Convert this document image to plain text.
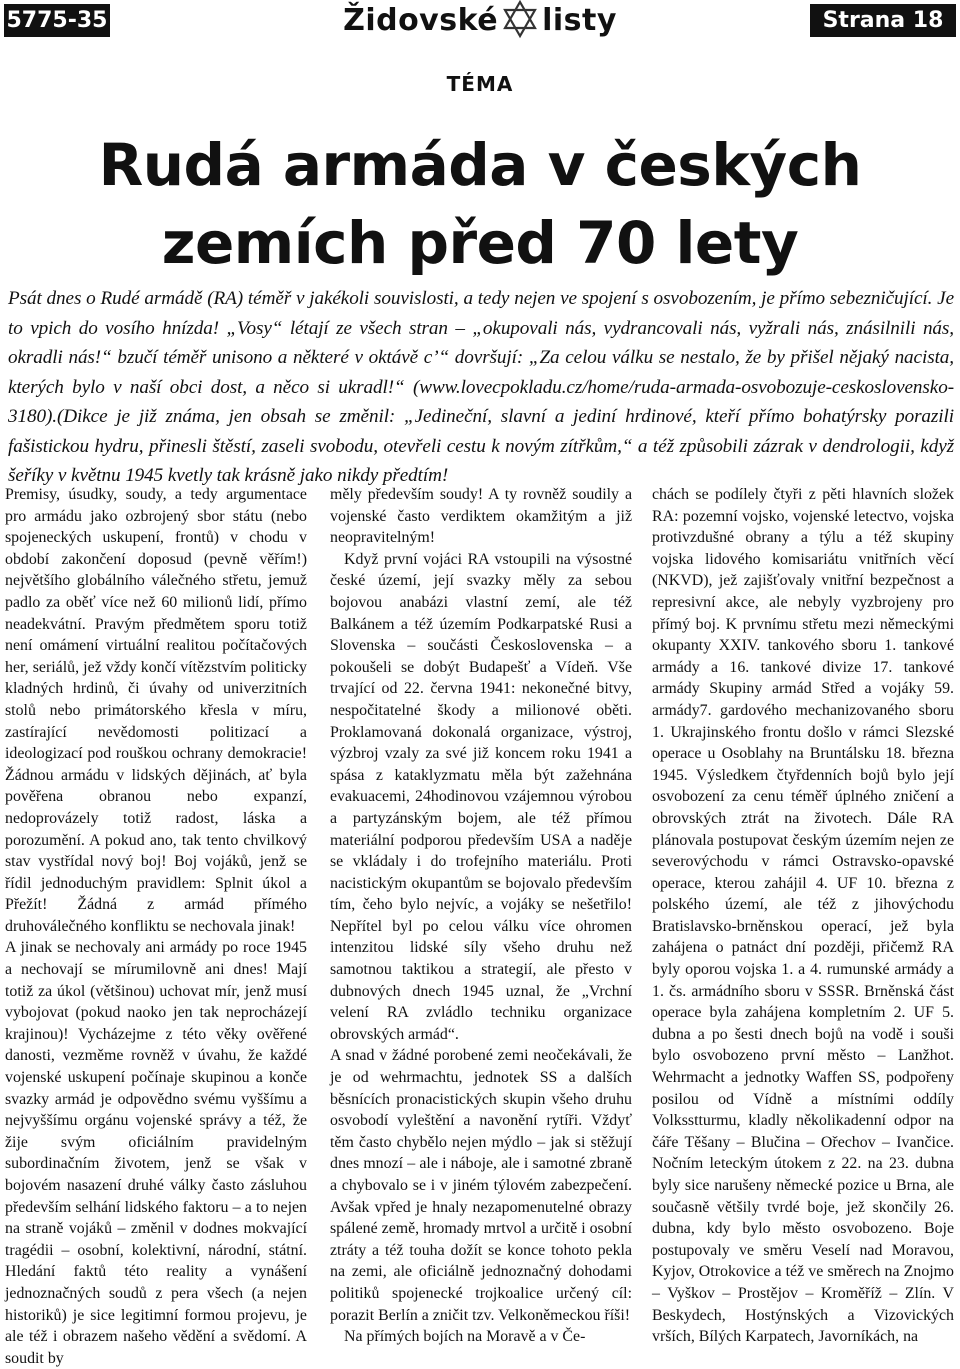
5775-35	Židovské listy	Strana 18
TÉMA
Rudá armáda v českých
zemích před 70 lety
Psát dnes o Rudé armádě (RA) téměř v jakékoli souvislosti, a tedy nejen ve spojení s osvobozením, je přímo sebezničující. Je to vpich do vosího hnízda! „Vosy“ létají ze všech stran – „okupovali nás, vydrancovali nás, vyžrali nás, znásilnili nás, okradli nás!“ bzučí téměř unisono a některé v oktávě c’“ dovršují: „Za celou válku se nestalo, že by přišel nějaký nacista, kterých bylo v naší obci dost, a něco si ukradl!“ (www.lovecpokladu.cz/home/ruda-armada-osvobozuje-ceskoslovensko-3180).(Dikce je již známa, jen obsah se změnil: „Jedineční, slavní a jediní hrdinové, kteří přímo bohatýrsky porazili fašistickou hydru, přinesli štěstí, zaseli svobodu, otevřeli cestu k novým zítřkům,“ a též způsobili zázrak v dendrologii, když šeříky v květnu 1945 kvetly tak krásně jako nikdy předtím!

Premisy, úsudky, soudy, a tedy argumentace pro armádu jako ozbrojený sbor státu (nebo spojeneckých uskupení, frontů) v chodu v období zakončení doposud (pevně věřím!) největšího globálního válečného střetu, jemuž padlo za oběť více než 60 milionů lidí, přímo neadekvátní. Pravým předmětem sporu totiž není omámení virtuální realitou počítačových her, seriálů, jež vždy končí vítězstvím politicky kladných hrdinů, či úvahy od univerzitních stolů nebo primátorského křesla v míru, zastírající nevědomosti politizací a ideologizací pod rouškou ochrany demokracie! Žádnou armádu v lidských dějinách, ať byla pověřena obranou nebo expanzí, nedoprovázely totiž radost, láska a porozumění. A pokud ano, tak tento chvilkový stav vystřídal nový boj! Boj vojáků, jenž se řídil jednoduchým pravidlem: Splnit úkol a Přežít! Žádná z armád přímého druhoválečného konfliktu se nechovala jinak!

A jinak se nechovaly ani armády po roce 1945 a nechovají se mírumilovně ani dnes! Mají totiž za úkol (většinou) uchovat mír, jenž musí vybojovat (pokud naoko jen tak neprocházejí krajinou)! Vycházejme z této věky ověřené danosti, vezměme rovněž v úvahu, že každé vojenské uskupení počínaje skupinou a konče svazky armád je odpovědno svému vyššímu a nejvyššímu orgánu vojenské správy a též, že žije svým oficiálním pravidelným subordinačním životem, jenž se však v bojovém nasazení druhé války často zásluhou především selhání lidského faktoru – a to nejen na straně vojáků – změnil v dodnes mokvající tragédii – osobní, kolektivní, národní, státní. Hledání faktů této reality a vynášení jednoznačných soudů z pera všech (a nejen historiků) je sice legitimní formou projevu, je ale též i obrazem našeho vědění a svědomí. A soudit by

měly především soudy! A ty rovněž soudily a vojenské často verdiktem okamžitým a již neopravitelným!

Když první vojáci RA vstoupili na výsostné české území, její svazky měly za sebou bojovou anabázi vlastní zemí, ale též Balkánem a též územím Podkarpatské Rusi a Slovenska – součásti Československa – a pokoušeli se dobýt Budapešť a Vídeň. Vše trvající od 22. června 1941: nekonečné bitvy, nespočitatelné škody a milionové oběti. Proklamovaná dokonalá organizace, výstroj, výzbroj vzaly za své již koncem roku 1941 a spása z kataklyzmatu měla být zažehnána evakuacemi, 24hodinovou vzájemnou výrobou a partyzánským bojem, ale též přímou materiální podporou především USA a naděje se vkládaly i do trofejního materiálu. Proti nacistickým okupantům se bojovalo především tím, čeho bylo nejvíc, a vojáky se nešetřilo! Nepřítel byl po celou válku více ohromen intenzitou lidské síly všeho druhu než samotnou taktikou a strategií, ale přesto v dubnových dnech 1945 uznal, že „Vrchní velení RA zvládlo techniku organizace obrovských armád“.

A snad v žádné porobené zemi neočekávali, že je od wehrmachtu, jednotek SS a dalších běsnících pronacistických skupin všeho druhu osvobodí vyleštění a navonění rytíři. Vždyť těm často chybělo nejen mýdlo – jak si stěžují dnes mnozí – ale i náboje, ale i samotné zbraně a chybovalo se i v jiném týlovém zabezpečení. Avšak vpřed je hnaly nezapomenutelné obrazy spálené země, hromady mrtvol a určitě i osobní ztráty a též touha dožít se konce tohoto pekla na zemi, ale oficiálně jednoznačný dohodami politiků spojenecké trojkoalice určený cíl: porazit Berlín a zničit tzv. Velkoněmeckou říši!

Na přímých bojích na Moravě a v Če-

chách se podílely čtyři z pěti hlavních složek RA: pozemní vojsko, vojenské letectvo, vojska protivzdušné obrany a týlu a též skupiny vojska lidového komisariátu vnitřních věcí (NKVD), jež zajišťovaly vnitřní bezpečnost a represivní akce, ale nebyly vyzbrojeny pro přímý boj. K prvnímu střetu mezi německými okupanty XXIV. tankového sboru 1. tankové armády a 16. tankové divize 17. tankové armády Skupiny armád Střed a vojáky 59. armády7. gardového mechanizovaného sboru 1. Ukrajinského frontu došlo v rámci Slezské operace u Osoblahy na Bruntálsku 18. března 1945. Výsledkem čtyřdenních bojů bylo její osvobození za cenu téměř úplného zničení a obrovských ztrát na životech. Dále RA plánovala postupovat českým územím nejen ze severovýchodu v rámci Ostravsko-opavské operace, kterou zahájil 4. UF 10. března z polského území, ale též z jihovýchodu Bratislavsko-brněnskou operací, jež byla zahájena o patnáct dní později, přičemž RA byly oporou vojska 1. a 4. rumunské armády a 1. čs. armádního sboru v SSSR. Brněnská část operace byla zahájena kompletním 2. UF 5. dubna a po šesti dnech bojů na vodě i souši bylo osvobozeno první město – Lanžhot. Wehrmacht a jednotky Waffen SS, podpořeny posilou od Vídně a místními oddíly Volksstturmu, kladly několikadenní odpor na čáře Těšany – Blučina – Ořechov – Ivančice. Nočním leteckým útokem z 22. na 23. dubna byly sice narušeny německé pozice u Brna, ale současně většily tvrdé boje, jež skončily 26. dubna, kdy bylo město osvobozeno. Boje postupovaly ve směru Veselí nad Moravou, Kyjov, Otrokovice a též ve směrech na Znojmo – Vyškov – Prostějov – Kroměříž – Zlín. V Beskydech, Hostýnských a Vizovických vrších, Bílých Karpatech, Javorníkách, na
